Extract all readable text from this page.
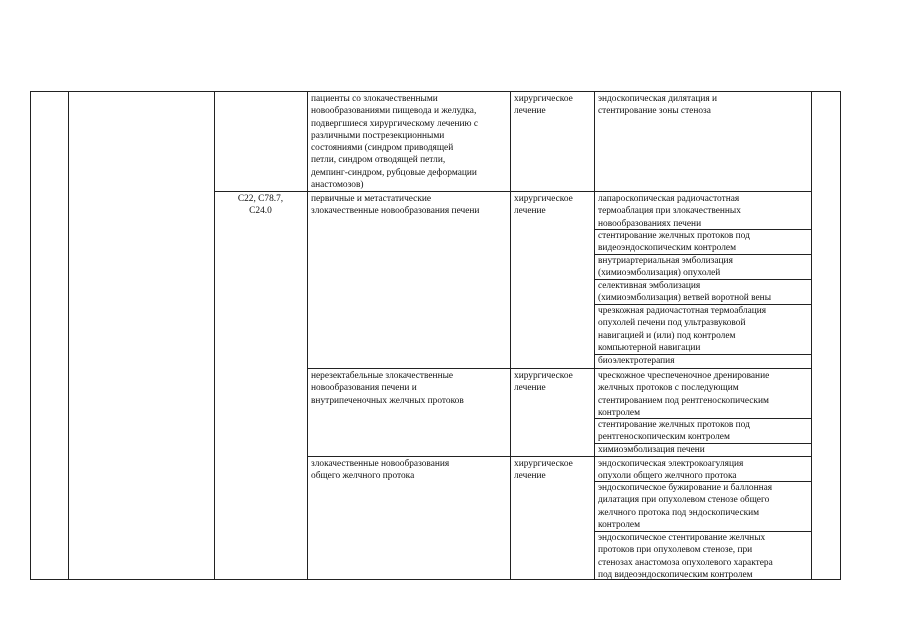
пациенты со злокачественными
новообразованиями пищевода и желудка,
подвергшиеся хирургическому лечению с
различными пострезекционными
состояниями (синдром приводящей
петли, синдром отводящей петли,
демпинг-синдром, рубцовые деформации
анастомозов)
хирургическое
лечение
эндоскопическая дилятация и
стентирование зоны стеноза
C22, C78.7,
C24.0
первичные и метастатические
злокачественные новообразования печени
хирургическое
лечение
лапароскопическая радиочастотная
термоаблация при злокачественных
новообразованиях печени
стентирование желчных протоков под
видеоэндоскопическим контролем
внутриартериальная эмболизация
(химиоэмболизация) опухолей
селективная эмболизация
(химиоэмболизация) ветвей воротной вены
чрезкожная радиочастотная термоаблация
опухолей печени под ультразвуковой
навигацией и (или) под контролем
компьютерной навигации
биоэлектротерапия
нерезектабельные злокачественные
новообразования печени и
внутрипеченочных желчных протоков
хирургическое
лечение
чрескожное чреспеченочное дренирование
желчных протоков с последующим
стентированием под рентгеноскопическим
контролем
стентирование желчных протоков под
рентгеноскопическим контролем
химиоэмболизация печени
злокачественные новообразования
общего желчного протока
хирургическое
лечение
эндоскопическая электрокоагуляция
опухоли общего желчного протока
эндоскопическое бужирование и баллонная
дилатация при опухолевом стенозе общего
желчного протока под эндоскопическим
контролем
эндоскопическое стентирование желчных
протоков при опухолевом стенозе, при
стенозах анастомоза опухолевого характера
под видеоэндоскопическим контролем
